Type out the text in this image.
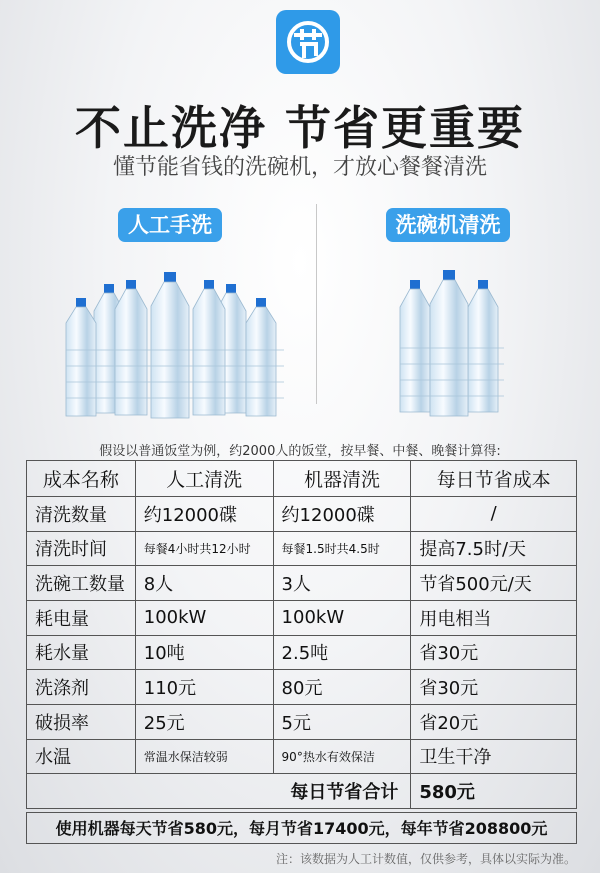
不止洗净 节省更重要
懂节能省钱的洗碗机，才放心餐餐清洗
人工手洗	洗碗机清洗
假设以普通饭堂为例，约2000人的饭堂，按早餐、中餐、晚餐计算得:
成本名称	人工清洗	机器清洗	每日节省成本
清洗数量	约12000碟	约12000碟	/
清洗时间	每餐4小时共12小时	每餐1.5时共4.5时	提高7.5时/天
洗碗工数量	8人	3人	节省500元/天
耗电量	100kW	100kW	用电相当
耗水量	10吨	2.5吨	省30元
洗涤剂	110元	80元	省30元
破损率	25元	5元	省20元
水温	常温水保洁较弱	90°热水有效保洁	卫生干净
每日节省合计			580元
使用机器每天节省580元，每月节省17400元，每年节省208800元
注：该数据为人工计数值，仅供参考，具体以实际为准。
